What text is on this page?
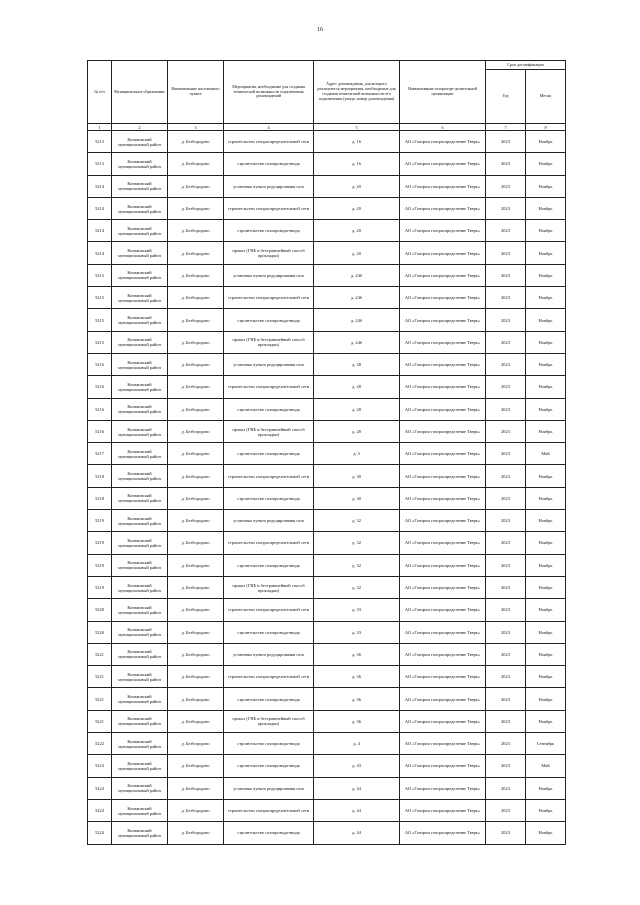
16
№ п/п	Муниципальное образование	Наименование населенного пункта	Мероприятия, необходимые для создания технической возможности подключения домовладений	Адрес домовладения, для которого реализуются мероприятия, необходимые для создания технической возможности его подключения (улица, номер домовладения)	Наименование газораспре-делительной организации	Срок догазификации	
						Год	Месяц
1	2	3	4	5	6	7	8
5213	Конаковский муниципальный район	д. Безбородово	строительство газораспределительной сети	д. 16	АО «Газпром газораспределение Тверь»	2023	Ноябрь
5213	Конаковский муниципальный район	д. Безбородово	строительство газопровода-ввода	д. 16	АО «Газпром газораспределение Тверь»	2023	Ноябрь
5214	Конаковский муниципальный район	д. Безбородово	установка пункта редуцирования газа	д. 20	АО «Газпром газораспределение Тверь»	2023	Ноябрь
5214	Конаковский муниципальный район	д. Безбородово	строительство газораспределительной сети	д. 20	АО «Газпром газораспределение Тверь»	2023	Ноябрь
5214	Конаковский муниципальный район	д. Безбородово	строительство газопровода-ввода	д. 20	АО «Газпром газораспределение Тверь»	2023	Ноябрь
5214	Конаковский муниципальный район	д. Безбородово	прокол (ГНБ и бестраншейный способ прокладки)	д. 20	АО «Газпром газораспределение Тверь»	2023	Ноябрь
5215	Конаковский муниципальный район	д. Безбородово	установка пункта редуцирования газа	д. 24б	АО «Газпром газораспределение Тверь»	2023	Ноябрь
5215	Конаковский муниципальный район	д. Безбородово	строительство газораспределительной сети	д. 24б	АО «Газпром газораспределение Тверь»	2023	Ноябрь
5215	Конаковский муниципальный район	д. Безбородово	строительство газопровода-ввода	д. 24б	АО «Газпром газораспределение Тверь»	2023	Ноябрь
5215	Конаковский муниципальный район	д. Безбородово	прокол (ГНБ и бестраншейный способ прокладки)	д. 24б	АО «Газпром газораспределение Тверь»	2023	Ноябрь
5216	Конаковский муниципальный район	д. Безбородово	установка пункта редуцирования газа	д. 28	АО «Газпром газораспределение Тверь»	2023	Ноябрь
5216	Конаковский муниципальный район	д. Безбородово	строительство газораспределительной сети	д. 28	АО «Газпром газораспределение Тверь»	2023	Ноябрь
5216	Конаковский муниципальный район	д. Безбородово	строительство газопровода-ввода	д. 28	АО «Газпром газораспределение Тверь»	2023	Ноябрь
5216	Конаковский муниципальный район	д. Безбородово	прокол (ГНБ и бестраншейный способ прокладки)	д. 28	АО «Газпром газораспределение Тверь»	2023	Ноябрь
5217	Конаковский муниципальный район	д. Безбородово	строительство газопровода-ввода	д. 3	АО «Газпром газораспределение Тверь»	2023	Май
5218	Конаковский муниципальный район	д. Безбородово	строительство газораспределительной сети	д. 30	АО «Газпром газораспределение Тверь»	2023	Ноябрь
5218	Конаковский муниципальный район	д. Безбородово	строительство газопровода-ввода	д. 30	АО «Газпром газораспределение Тверь»	2023	Ноябрь
5219	Конаковский муниципальный район	д. Безбородово	установка пункта редуцирования газа	д. 32	АО «Газпром газораспределение Тверь»	2023	Ноябрь
5219	Конаковский муниципальный район	д. Безбородово	строительство газораспределительной сети	д. 32	АО «Газпром газораспределение Тверь»	2023	Ноябрь
5219	Конаковский муниципальный район	д. Безбородово	строительство газопровода-ввода	д. 32	АО «Газпром газораспределение Тверь»	2023	Ноябрь
5219	Конаковский муниципальный район	д. Безбородово	прокол (ГНБ и бестраншейный способ прокладки)	д. 32	АО «Газпром газораспределение Тверь»	2023	Ноябрь
5220	Конаковский муниципальный район	д. Безбородово	строительство газораспределительной сети	д. 33	АО «Газпром газораспределение Тверь»	2023	Ноябрь
5220	Конаковский муниципальный район	д. Безбородово	строительство газопровода-ввода	д. 33	АО «Газпром газораспределение Тверь»	2023	Ноябрь
5221	Конаковский муниципальный район	д. Безбородово	установка пункта редуцирования газа	д. 36	АО «Газпром газораспределение Тверь»	2023	Ноябрь
5221	Конаковский муниципальный район	д. Безбородово	строительство газораспределительной сети	д. 36	АО «Газпром газораспределение Тверь»	2023	Ноябрь
5221	Конаковский муниципальный район	д. Безбородово	строительство газопровода-ввода	д. 36	АО «Газпром газораспределение Тверь»	2023	Ноябрь
5221	Конаковский муниципальный район	д. Безбородово	прокол (ГНБ и бестраншейный способ прокладки)	д. 36	АО «Газпром газораспределение Тверь»	2023	Ноябрь
5222	Конаковский муниципальный район	д. Безбородово	строительство газопровода-ввода	д. 4	АО «Газпром газораспределение Тверь»	2023	Сентябрь
5223	Конаковский муниципальный район	д. Безбородово	строительство газопровода-ввода	д. 43	АО «Газпром газораспределение Тверь»	2023	Май
5224	Конаковский муниципальный район	д. Безбородово	установка пункта редуцирования газа	д. 44	АО «Газпром газораспределение Тверь»	2023	Ноябрь
5224	Конаковский муниципальный район	д. Безбородово	строительство газораспределительной сети	д. 44	АО «Газпром газораспределение Тверь»	2023	Ноябрь
5224	Конаковский муниципальный район	д. Безбородово	строительство газопровода-ввода	д. 44	АО «Газпром газораспределение Тверь»	2023	Ноябрь
